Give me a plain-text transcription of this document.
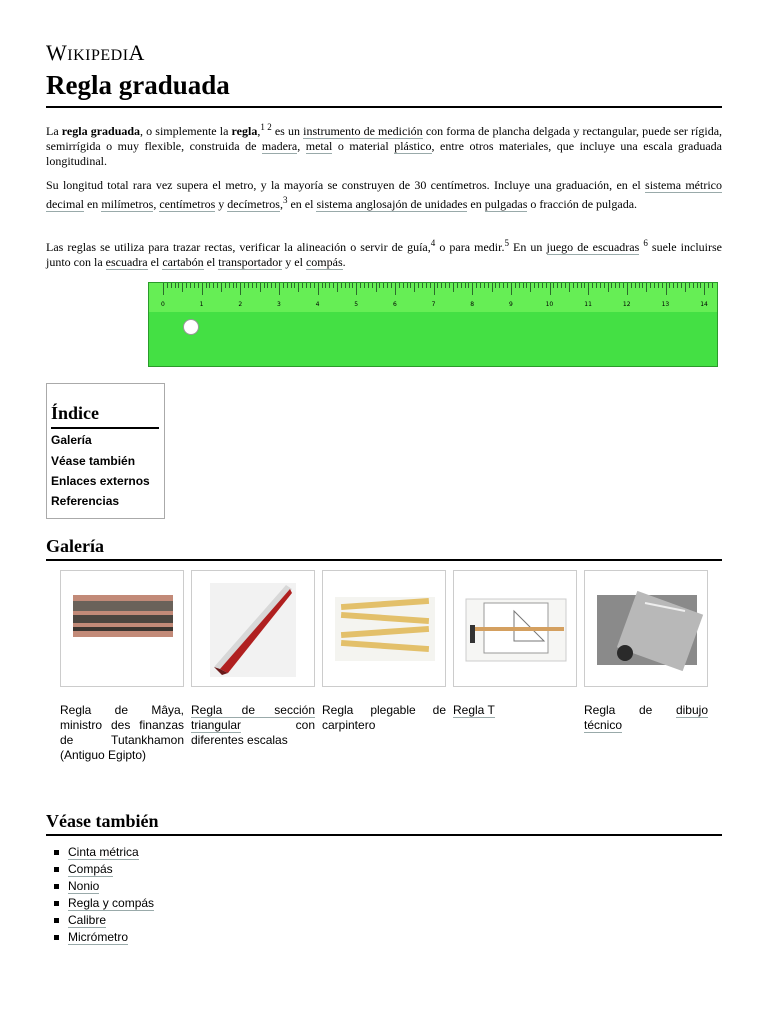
WIKIPEDIA
Regla graduada
La regla graduada, o simplemente la regla,$^{1 2}$ es un instrumento de medición con forma de plancha delgada y rectangular, puede ser rígida, semirrígida o muy flexible, construida de madera, metal o material plástico, entre otros materiales, que incluye una escala graduada longitudinal.
Su longitud total rara vez supera el metro, y la mayoría se construyen de 30 centímetros. Incluye una graduación, en el sistema métrico decimal en milímetros, centímetros y decímetros,$^3$ en el sistema anglosajón de unidades en pulgadas o fracción de pulgada.
Las reglas se utiliza para trazar rectas, verificar la alineación o servir de guía,$^4$ o para medir.$^5$ En un juego de escuadras $^6$ suele incluirse junto con la escuadra el cartabón el transportador y el compás.
0	1	2	3	4	5	6	7	8	9	10	11	12	13	14
Índice
Galería
Véase también
Enlaces externos
Referencias
Galería
Regla de Mâya, ministro des finanzas de Tutankhamon (Antiguo Egipto)
Regla de sección triangular	con diferentes escalas
Regla plegable de carpintero
Regla T	Regla de dibujo técnico
Véase también
Cinta métrica
Compás
Nonio
Regla y compás
Calibre
Micrómetro
